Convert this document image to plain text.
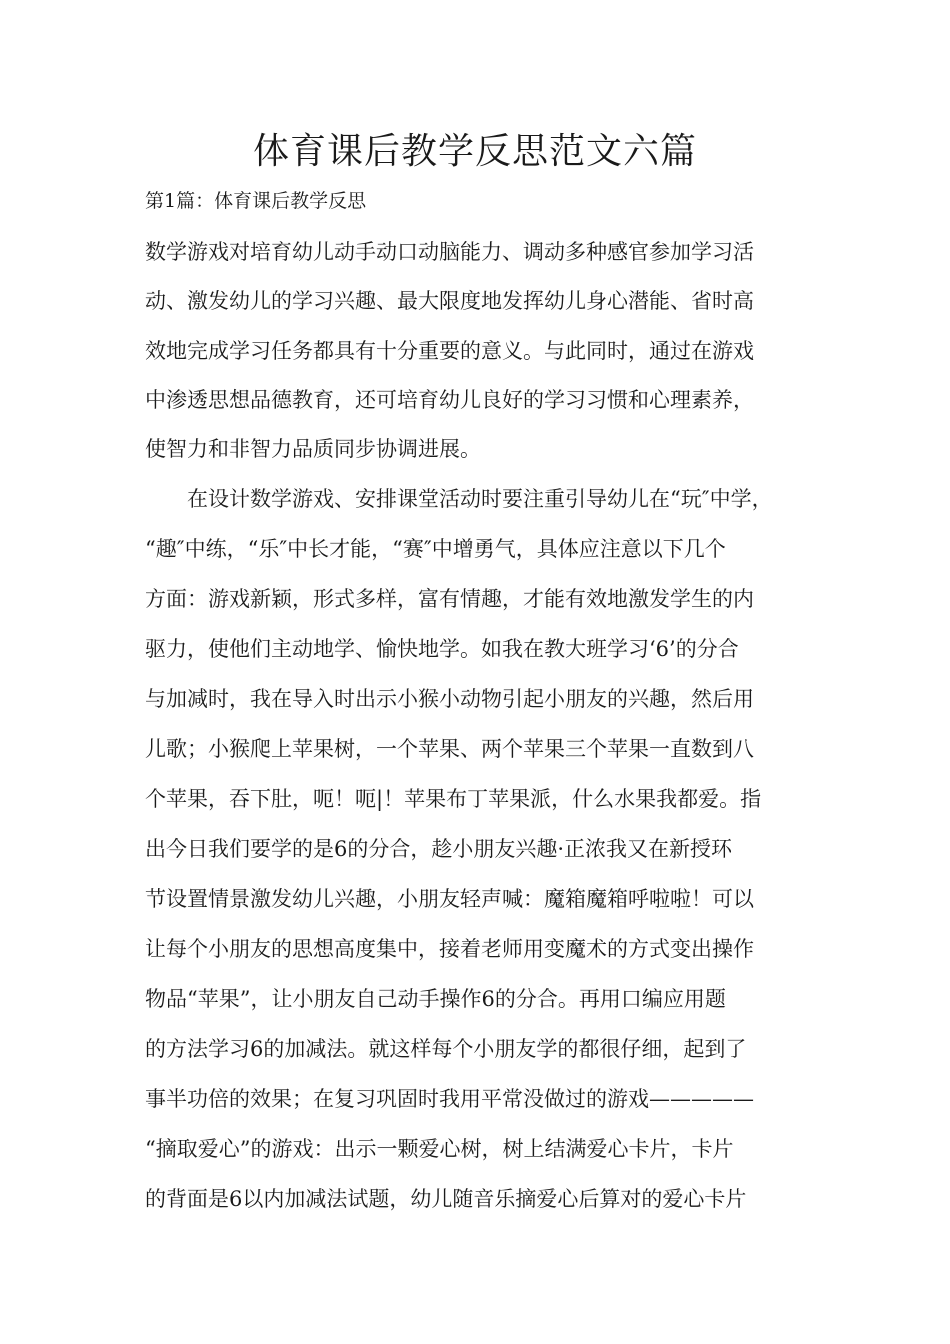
体育课后教学反思范文六篇

第1篇：体育课后教学反思

数学游戏对培育幼儿动手动口动脑能力、调动多种感官参加学习活

动、激发幼儿的学习兴趣、最大限度地发挥幼儿身心潜能、省时高

效地完成学习任务都具有十分重要的意义。与此同时，通过在游戏

中渗透思想品德教育，还可培育幼儿良好的学习习惯和心理素养，

使智力和非智力品质同步协调进展。

　　在设计数学游戏、安排课堂活动时要注重引导幼儿在“玩″中学，

“趣″中练，“乐″中长才能，“赛″中增勇气，具体应注意以下几个

方面：游戏新颖，形式多样，富有情趣，才能有效地激发学生的内

驱力，使他们主动地学、愉快地学。如我在教大班学习‘6’的分合

与加减时，我在导入时出示小猴小动物引起小朋友的兴趣，然后用

儿歌；小猴爬上苹果树，一个苹果、两个苹果三个苹果一直数到八

个苹果，吞下肚，呃！呃|！苹果布丁苹果派，什么水果我都爱。指

出今日我们要学的是6的分合，趁小朋友兴趣·正浓我又在新授环

节设置情景激发幼儿兴趣，小朋友轻声喊：魔箱魔箱呼啦啦！可以

让每个小朋友的思想高度集中，接着老师用变魔术的方式变出操作

物品“苹果”，让小朋友自己动手操作6的分合。再用口编应用题

的方法学习6的加减法。就这样每个小朋友学的都很仔细，起到了

事半功倍的效果；在复习巩固时我用平常没做过的游戏—————

“摘取爱心”的游戏：出示一颗爱心树，树上结满爱心卡片，卡片

的背面是6以内加减法试题，幼儿随音乐摘爱心后算对的爱心卡片
